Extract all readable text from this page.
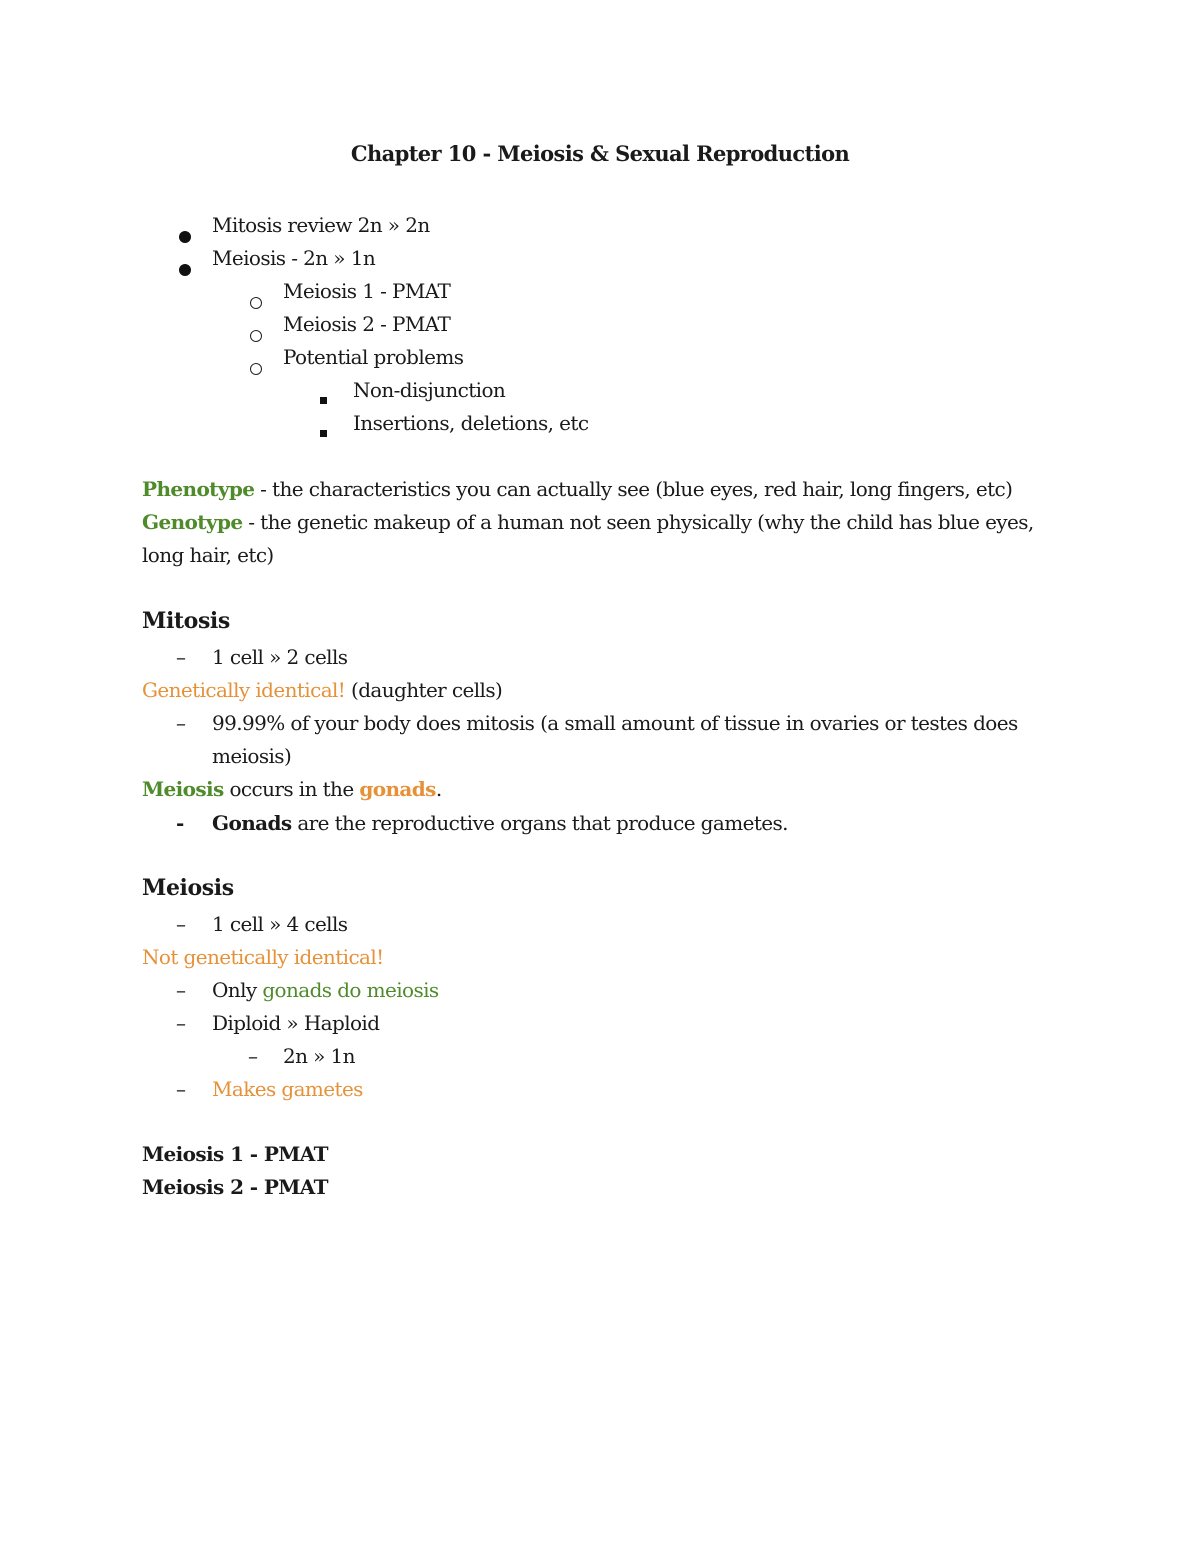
Chapter 10 - Meiosis & Sexual Reproduction
Mitosis review 2n » 2n
Meiosis - 2n » 1n
Meiosis 1 - PMAT
Meiosis 2 - PMAT
Potential problems
Non-disjunction
Insertions, deletions, etc
Phenotype - the characteristics you can actually see (blue eyes, red hair, long fingers, etc)
Genotype - the genetic makeup of a human not seen physically (why the child has blue eyes,
long hair, etc)
Mitosis
– 1 cell » 2 cells
Genetically identical! (daughter cells)
– 99.99% of your body does mitosis (a small amount of tissue in ovaries or testes does
meiosis)
Meiosis occurs in the gonads.
- Gonads are the reproductive organs that produce gametes.
Meiosis
– 1 cell » 4 cells
Not genetically identical!
– Only gonads do meiosis
– Diploid » Haploid
– 2n » 1n
– Makes gametes
Meiosis 1 - PMAT
Meiosis 2 - PMAT
